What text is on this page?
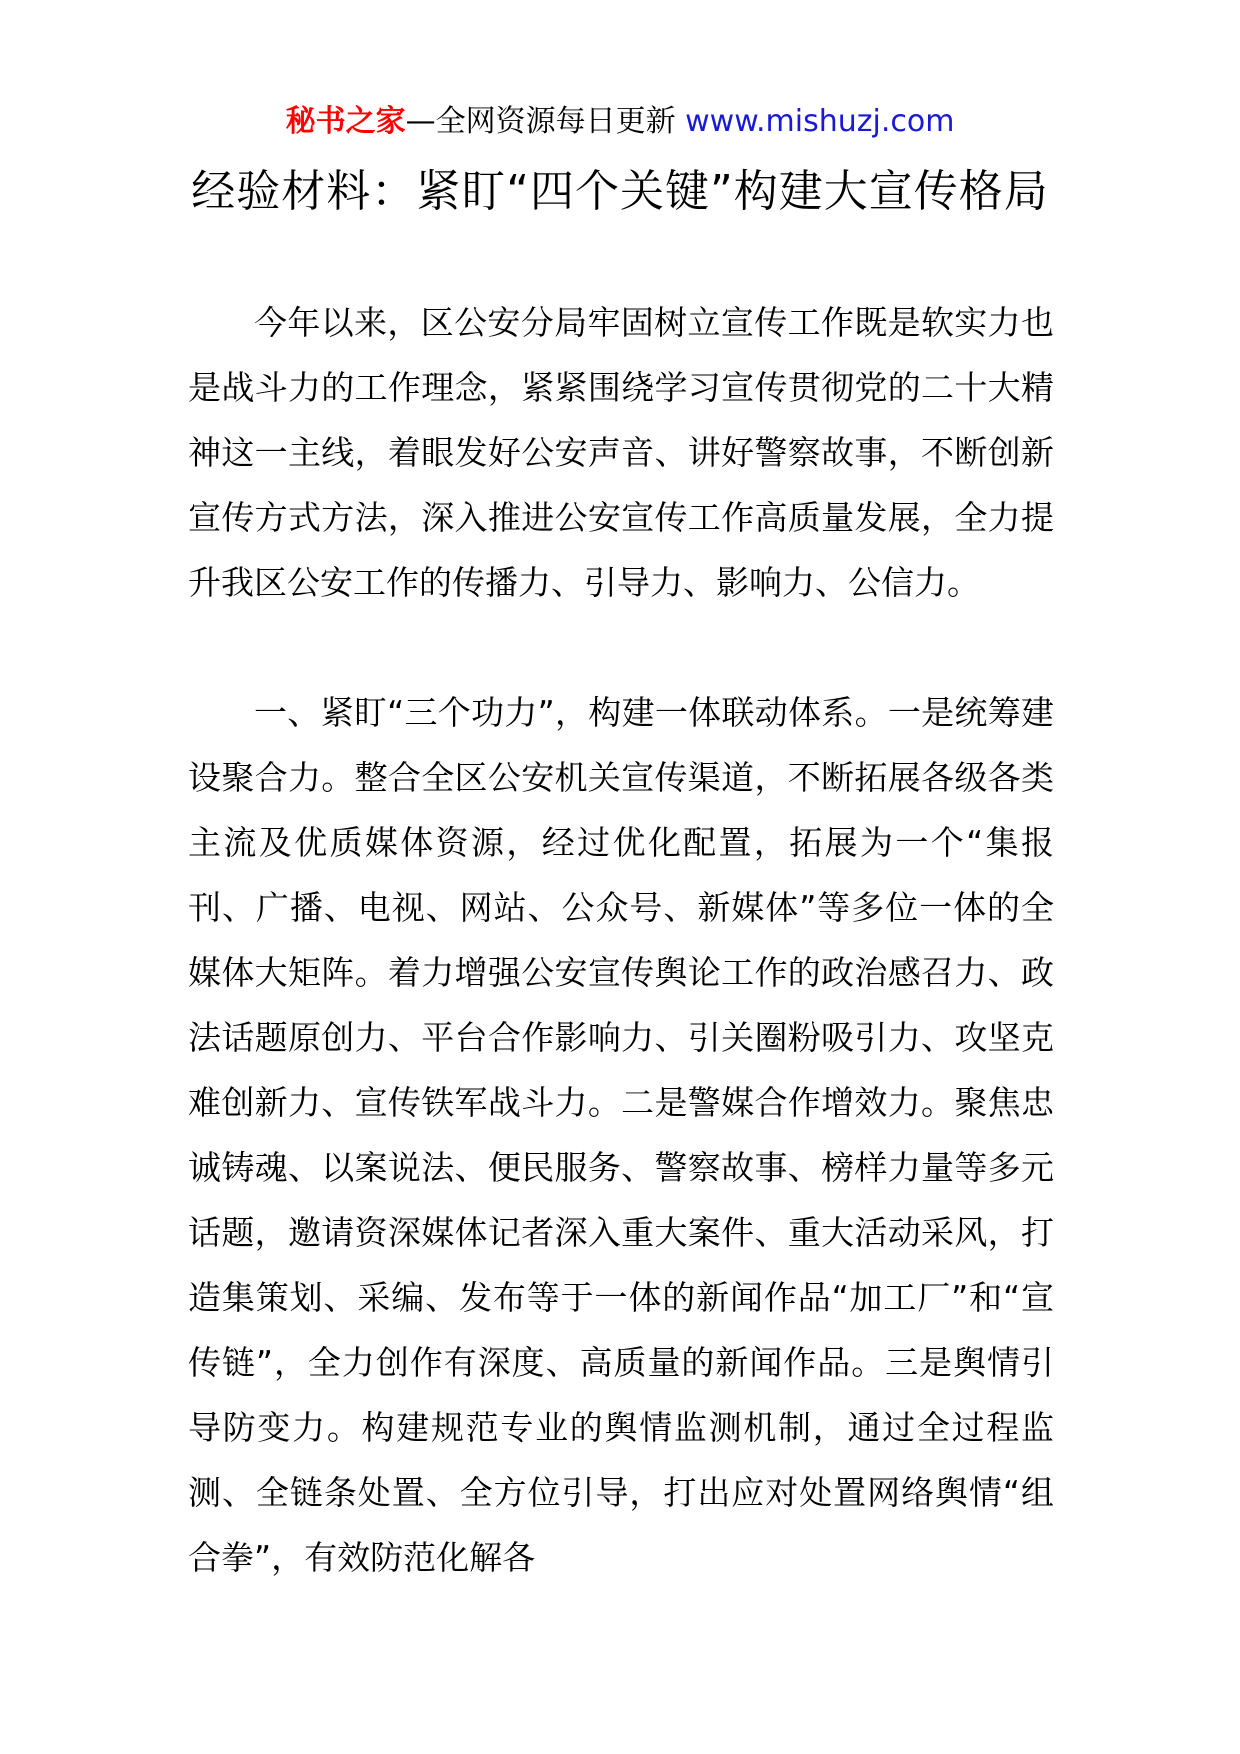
秘书之家—全网资源每日更新 www.mishuzj.com
经验材料：紧盯“四个关键”构建大宣传格局

今年以来，区公安分局牢固树立宣传工作既是软实力也是战斗力的工作理念，紧紧围绕学习宣传贯彻党的二十大精神这一主线，着眼发好公安声音、讲好警察故事，不断创新宣传方式方法，深入推进公安宣传工作高质量发展，全力提升我区公安工作的传播力、引导力、影响力、公信力。

一、紧盯“三个功力”，构建一体联动体系。一是统筹建设聚合力。整合全区公安机关宣传渠道，不断拓展各级各类主流及优质媒体资源，经过优化配置，拓展为一个“集报刊、广播、电视、网站、公众号、新媒体”等多位一体的全媒体大矩阵。着力增强公安宣传舆论工作的政治感召力、政法话题原创力、平台合作影响力、引关圈粉吸引力、攻坚克难创新力、宣传铁军战斗力。二是警媒合作增效力。聚焦忠诚铸魂、以案说法、便民服务、警察故事、榜样力量等多元话题，邀请资深媒体记者深入重大案件、重大活动采风，打造集策划、采编、发布等于一体的新闻作品“加工厂”和“宣传链”，全力创作有深度、高质量的新闻作品。三是舆情引导防变力。构建规范专业的舆情监测机制，通过全过程监测、全链条处置、全方位引导，打出应对处置网络舆情“组合拳”，有效防范化解各
